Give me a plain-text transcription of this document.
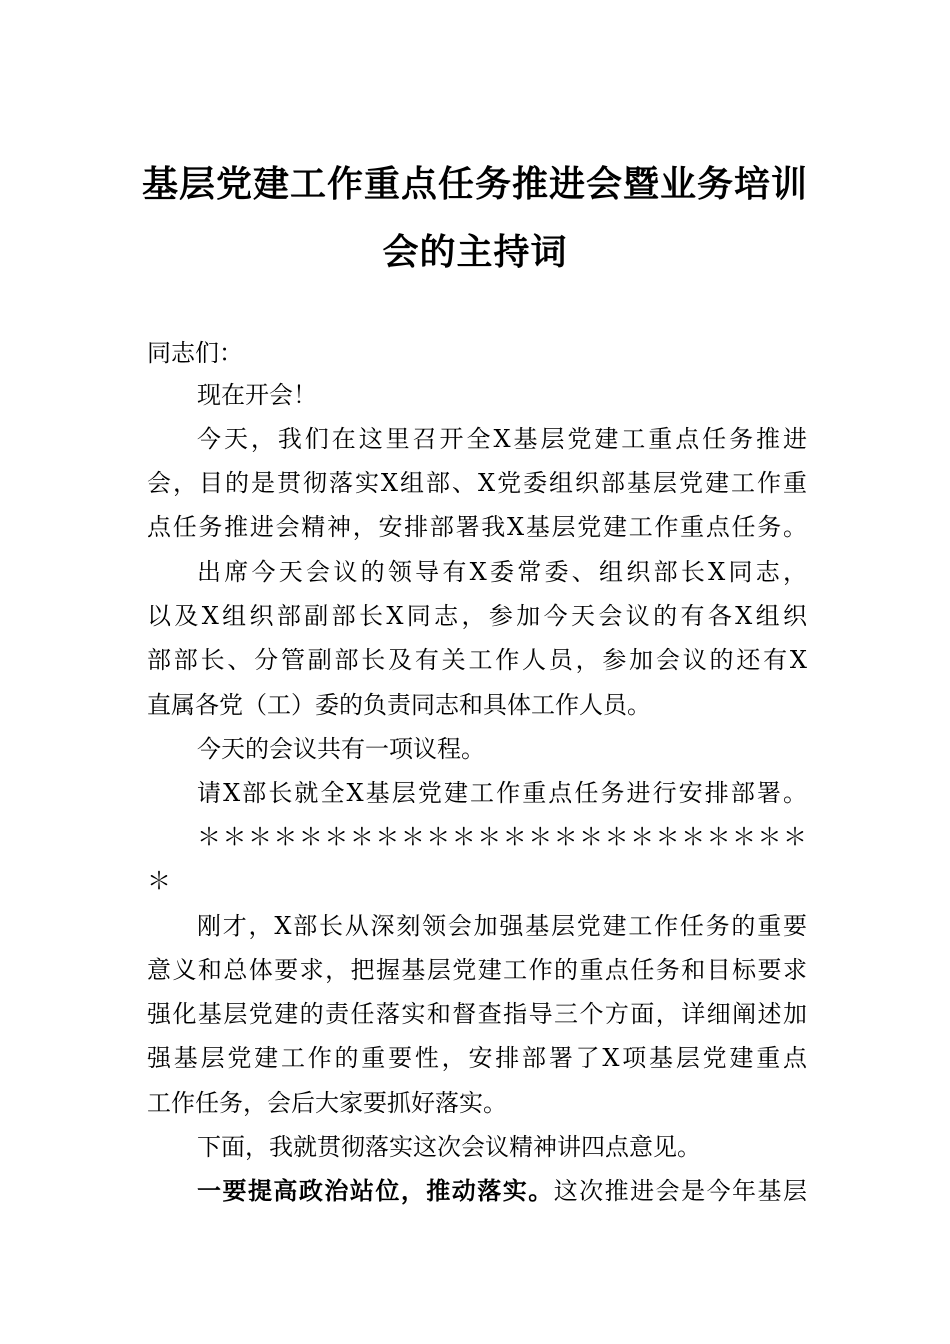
基层党建工作重点任务推进会暨业务培训
会的主持词
同志们：
现在开会！
今天，我们在这里召开全X基层党建工重点任务推进
会，目的是贯彻落实X组部、X党委组织部基层党建工作重
点任务推进会精神，安排部署我X基层党建工作重点任务。
出席今天会议的领导有X委常委、组织部长X同志，
以及X组织部副部长X同志，参加今天会议的有各X组织
部部长、分管副部长及有关工作人员，参加会议的还有X
直属各党（工）委的负责同志和具体工作人员。
今天的会议共有一项议程。
请X部长就全X基层党建工作重点任务进行安排部署。
＊＊＊＊＊＊＊＊＊＊＊＊＊＊＊＊＊＊＊＊＊＊＊＊
＊
刚才，X部长从深刻领会加强基层党建工作任务的重要
意义和总体要求，把握基层党建工作的重点任务和目标要求
强化基层党建的责任落实和督查指导三个方面，详细阐述加
强基层党建工作的重要性，安排部署了X项基层党建重点
工作任务，会后大家要抓好落实。
下面，我就贯彻落实这次会议精神讲四点意见。
一要提高政治站位，推动落实。这次推进会是今年基层
